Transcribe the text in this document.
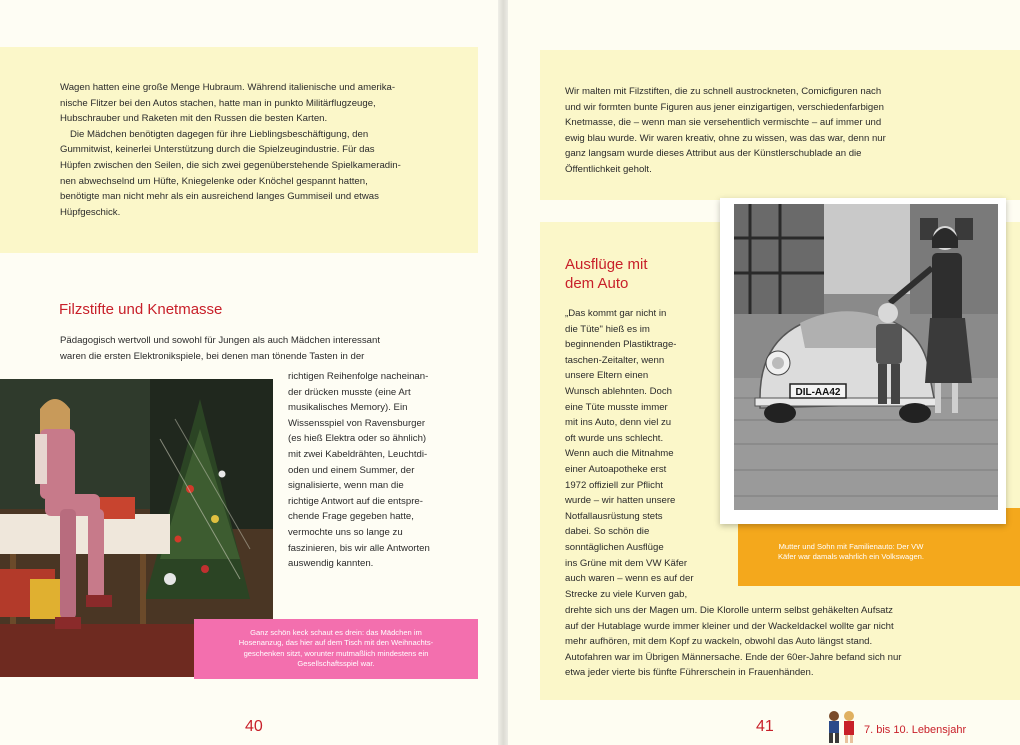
Wagen hatten eine große Menge Hubraum. Während italienische und amerika-

nische Flitzer bei den Autos stachen, hatte man in punkto Militärflugzeuge,

Hubschrauber und Raketen mit den Russen die besten Karten.

Die Mädchen benötigten dagegen für ihre Lieblingsbeschäftigung, den

Gummitwist, keinerlei Unterstützung durch die Spielzeugindustrie. Für das

Hüpfen zwischen den Seilen, die sich zwei gegenüberstehende Spielkameradin-

nen abwechselnd um Hüfte, Kniegelenke oder Knöchel gespannt hatten,

benötigte man nicht mehr als ein ausreichend langes Gummiseil und etwas

Hüpfgeschick.

Filzstifte und Knetmasse

Pädagogisch wertvoll und sowohl für Jungen als auch Mädchen interessant

waren die ersten Elektronikspiele, bei denen man tönende Tasten in der

richtigen Reihenfolge nacheinan-

der drücken musste (eine Art

musikalisches Memory). Ein

Wissensspiel von Ravensburger

(es hieß Elektra oder so ähnlich)

mit zwei Kabeldrähten, Leuchtdi-

oden und einem Summer, der

signalisierte, wenn man die

richtige Antwort auf die entspre-

chende Frage gegeben hatte,

vermochte uns so lange zu

faszinieren, bis wir alle Antworten

auswendig kannten.

Ganz schön keck schaut es drein: das Mädchen im
Hosenanzug, das hier auf dem Tisch mit den Weihnachts-
geschenken sitzt, worunter mutmaßlich mindestens ein
Gesellschaftsspiel war.
40

Wir malten mit Filzstiften, die zu schnell austrockneten, Comicfiguren nach

und wir formten bunte Figuren aus jener einzigartigen, verschiedenfarbigen

Knetmasse, die – wenn man sie versehentlich vermischte – auf immer und

ewig blau wurde. Wir waren kreativ, ohne zu wissen, was das war, denn nur

ganz langsam wurde dieses Attribut aus der Künstlerschublade an die

Öffentlichkeit geholt.

Ausflüge mit
dem Auto

„Das kommt gar nicht in

die Tüte" hieß es im

beginnenden Plastiktrage-

taschen-Zeitalter, wenn

unsere Eltern einen

Wunsch ablehnten. Doch

eine Tüte musste immer

mit ins Auto, denn viel zu

oft wurde uns schlecht.

Wenn auch die Mitnahme

einer Autoapotheke erst

1972 offiziell zur Pflicht

wurde – wir hatten unsere

Notfallausrüstung stets

dabei. So schön die

sonntäglichen Ausflüge

ins Grüne mit dem VW Käfer

auch waren – wenn es auf der

Strecke zu viele Kurven gab,

drehte sich uns der Magen um. Die Klorolle unterm selbst gehäkelten Aufsatz

auf der Hutablage wurde immer kleiner und der Wackeldackel wollte gar nicht

mehr aufhören, mit dem Kopf zu wackeln, obwohl das Auto längst stand.

Autofahren war im Übrigen Männersache. Ende der 60er-Jahre befand sich nur

etwa jeder vierte bis fünfte Führerschein in Frauenhänden.

Mutter und Sohn mit Familienauto: Der VW
Käfer war damals wahrlich ein Volkswagen.
DIL-AA42
41	7. bis 10. Lebensjahr
